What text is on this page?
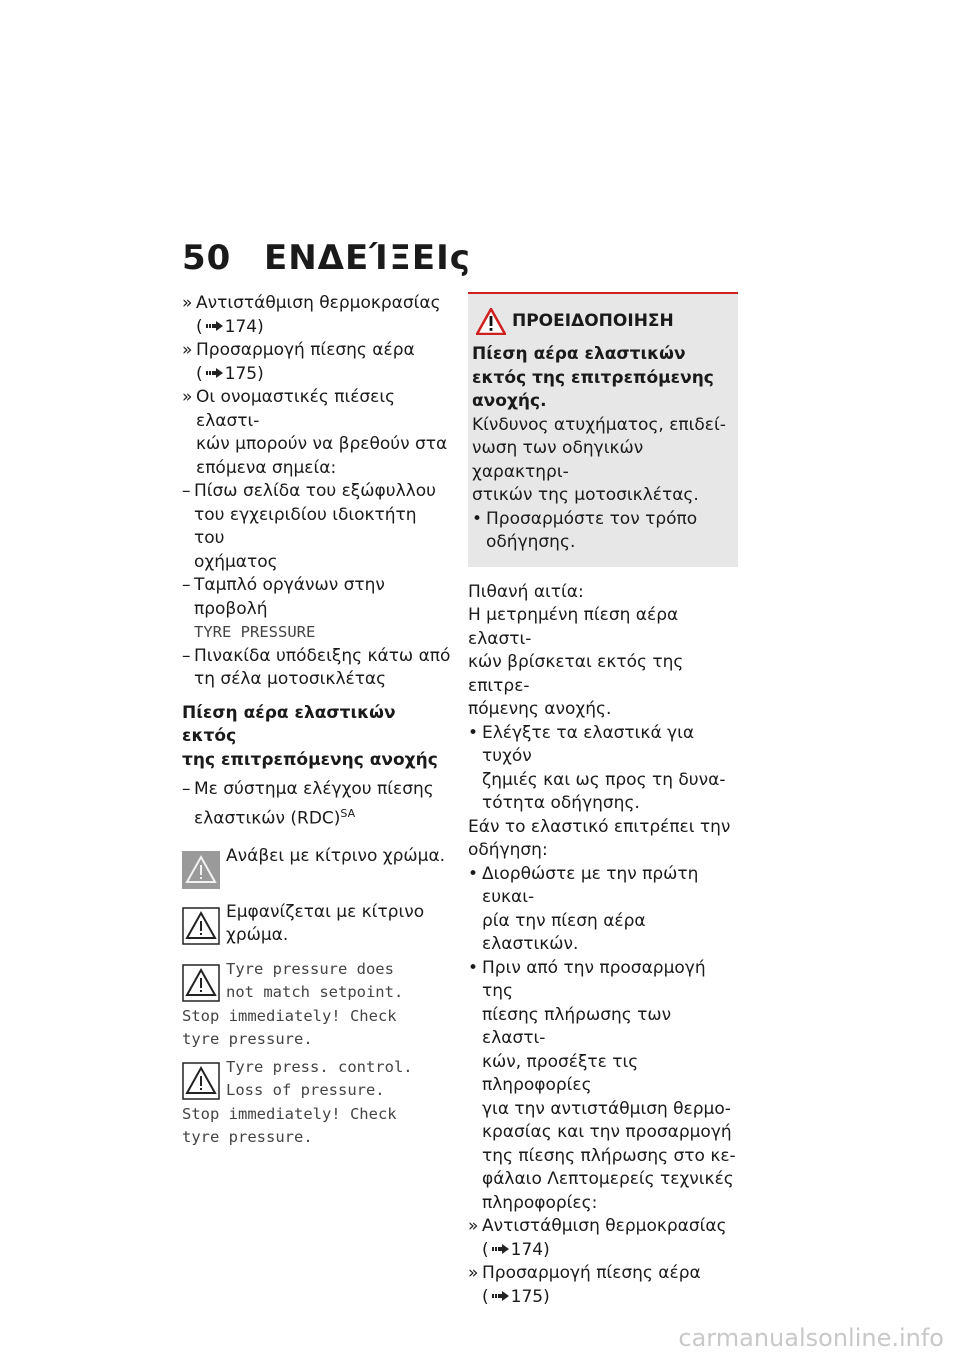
50 ΕΝΔΕΊΞΕΙς
» Αντιστάθμιση θερμοκρασίας
( 174)
» Προσαρμογή πίεσης αέρα
( 175)
» Οι ονομαστικές πιέσεις ελαστι-
κών μπορούν να βρεθούν στα
επόμενα σημεία:
– Πίσω σελίδα του εξώφυλλου
του εγχειριδίου ιδιοκτήτη του
οχήματος
– Ταμπλό οργάνων στην προβολή
TYRE PRESSURE
– Πινακίδα υπόδειξης κάτω από
τη σέλα μοτοσικλέτας
Πίεση αέρα ελαστικών εκτός
της επιτρεπόμενης ανοχής
– Με σύστημα ελέγχου πίεσης
ελαστικών (RDC)$^{SA}$
Ανάβει με κίτρινο χρώμα.
Εμφανίζεται με κίτρινο
χρώμα.
Tyre pressure does
not match setpoint.
Stop immediately! Check
tyre pressure.
Tyre press. control.
Loss of pressure.
Stop immediately! Check
tyre pressure.
ΠΡΟΕΙΔΟΠΟΙΗΣΗ
Πίεση αέρα ελαστικών
εκτός της επιτρεπόμενης
ανοχής.
Κίνδυνος ατυχήματος, επιδεί-
νωση των οδηγικών χαρακτηρι-
στικών της μοτοσικλέτας.
• Προσαρμόστε τον τρόπο
οδήγησης.
Πιθανή αιτία:
Η μετρημένη πίεση αέρα ελαστι-
κών βρίσκεται εκτός της επιτρε-
πόμενης ανοχής.
• Ελέγξτε τα ελαστικά για τυχόν
ζημιές και ως προς τη δυνα-
τότητα οδήγησης.
Εάν το ελαστικό επιτρέπει την
οδήγηση:
• Διορθώστε με την πρώτη ευκαι-
ρία την πίεση αέρα ελαστικών.
• Πριν από την προσαρμογή της
πίεσης πλήρωσης των ελαστι-
κών, προσέξτε τις πληροφορίες
για την αντιστάθμιση θερμο-
κρασίας και την προσαρμογή
της πίεσης πλήρωσης στο κε-
φάλαιο Λεπτομερείς τεχνικές
πληροφορίες:
» Αντιστάθμιση θερμοκρασίας
( 174)
» Προσαρμογή πίεσης αέρα
( 175)
carmanualsonline.info
